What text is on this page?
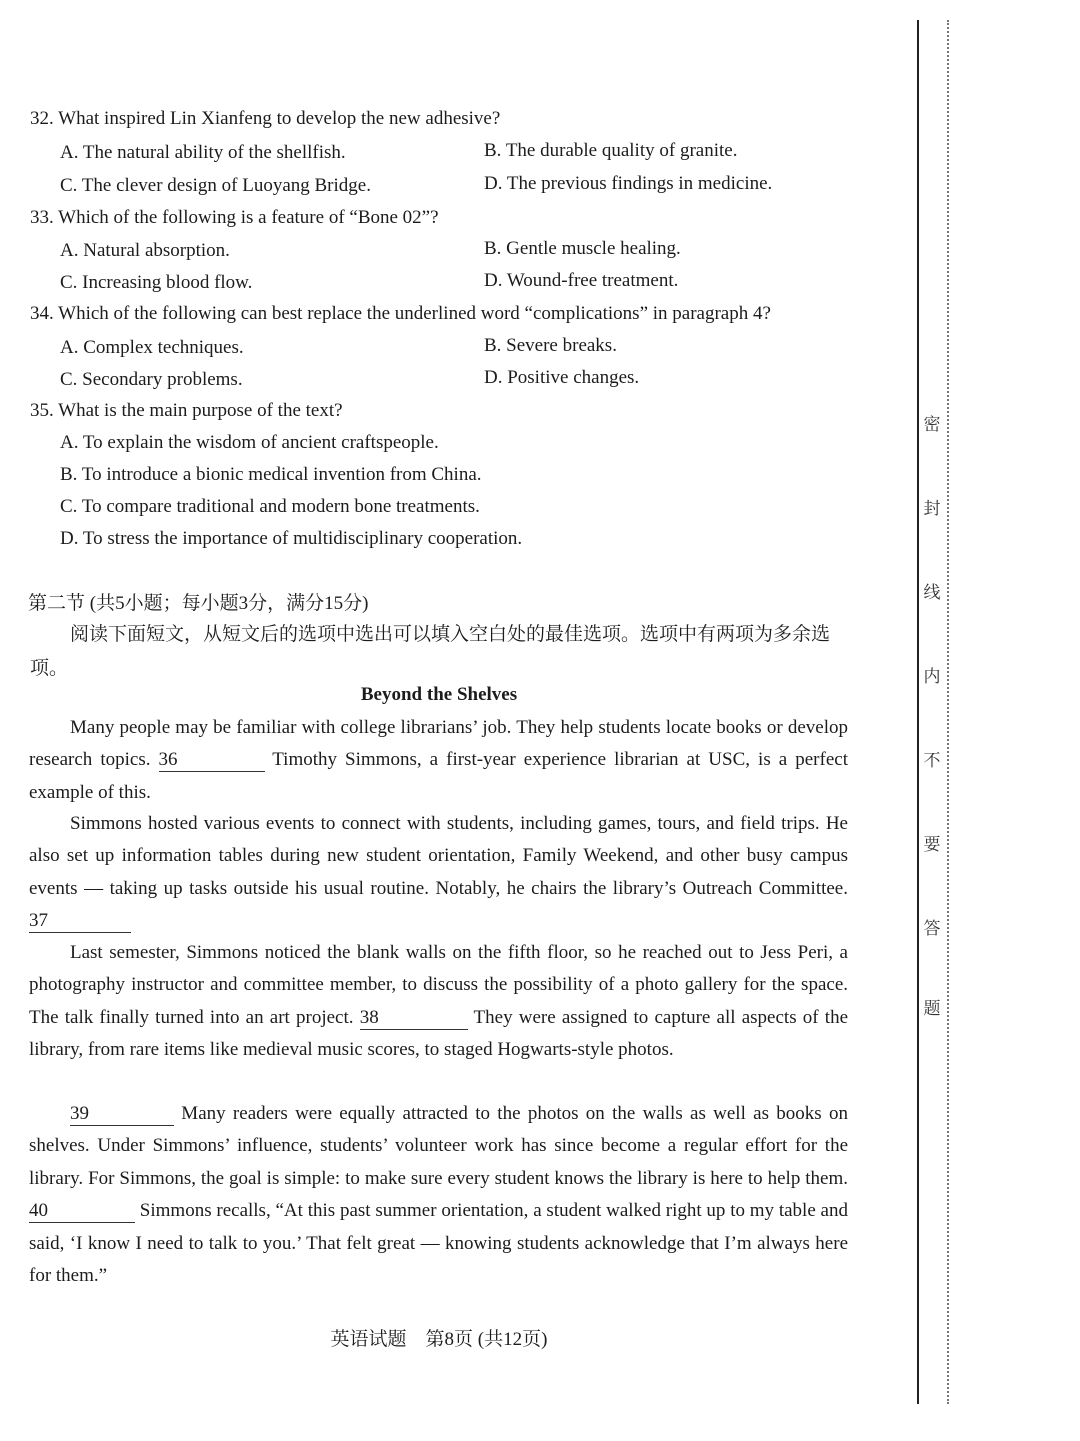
32. What inspired Lin Xianfeng to develop the new adhesive?
A. The natural ability of the shellfish.	B. The durable quality of granite.
C. The clever design of Luoyang Bridge.	D. The previous findings in medicine.
33. Which of the following is a feature of “Bone 02”?
A. Natural absorption.	B. Gentle muscle healing.
C. Increasing blood flow.	D. Wound-free treatment.
34. Which of the following can best replace the underlined word “complications” in paragraph 4?
A. Complex techniques.	B. Severe breaks.
C. Secondary problems.	D. Positive changes.
35. What is the main purpose of the text?
A. To explain the wisdom of ancient craftspeople.
B. To introduce a bionic medical invention from China.
C. To compare traditional and modern bone treatments.
D. To stress the importance of multidisciplinary cooperation.
第二节 (共5小题；每小题3分，满分15分)
阅读下面短文，从短文后的选项中选出可以填入空白处的最佳选项。选项中有两项为多余选项。
Beyond the Shelves
Many people may be familiar with college librarians’ job. They help students locate books or develop research topics. 36	Timothy Simmons, a first-year experience librarian at USC, is a perfect example of this.
Simmons hosted various events to connect with students, including games, tours, and field trips. He also set up information tables during new student orientation, Family Weekend, and other busy campus events — taking up tasks outside his usual routine. Notably, he chairs the library’s Outreach Committee. 37
Last semester, Simmons noticed the blank walls on the fifth floor, so he reached out to Jess Peri, a photography instructor and committee member, to discuss the possibility of a photo gallery for the space. The talk finally turned into an art project. 38	They were assigned to capture all aspects of the library, from rare items like medieval music scores, to staged Hogwarts-style photos.
39	Many readers were equally attracted to the photos on the walls as well as books on shelves. Under Simmons’ influence, students’ volunteer work has since become a regular effort for the library. For Simmons, the goal is simple: to make sure every student knows the library is here to help them. 40	Simmons recalls, “At this past summer orientation, a student walked right up to my table and said, ‘I know I need to talk to you.’ That felt great — knowing students acknowledge that I’m always here for them.”
英语试题　第8页 (共12页)
密
封
线
内
不
要
答
题
